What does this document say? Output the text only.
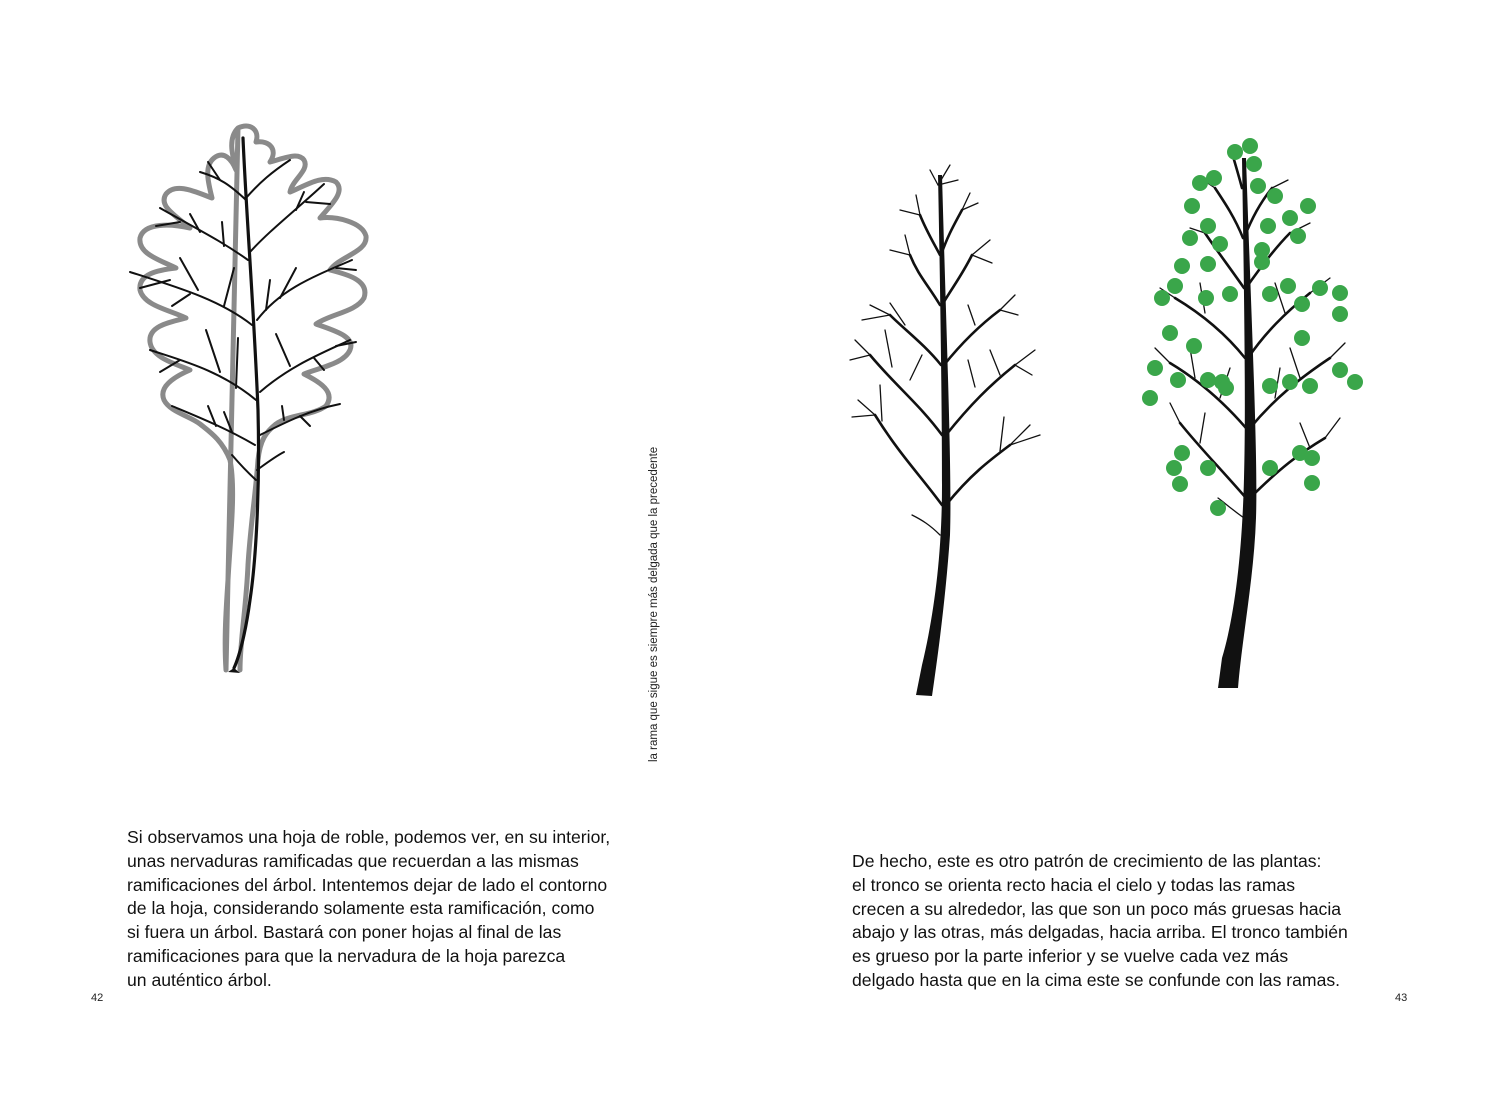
Si observamos una hoja de roble, podemos ver, en su interior,
unas nervaduras ramificadas que recuerdan a las mismas
ramificaciones del árbol. Intentemos dejar de lado el contorno
de la hoja, considerando solamente esta ramificación, como
si fuera un árbol. Bastará con poner hojas al final de las
ramificaciones para que la nervadura de la hoja parezca
un auténtico árbol.
42
la rama que sigue es siempre más delgada que la precedente
De hecho, este es otro patrón de crecimiento de las plantas:
el tronco se orienta recto hacia el cielo y todas las ramas
crecen a su alrededor, las que son un poco más gruesas hacia
abajo y las otras, más delgadas, hacia arriba. El tronco también
es grueso por la parte inferior y se vuelve cada vez más
delgado hasta que en la cima este se confunde con las ramas.
43
